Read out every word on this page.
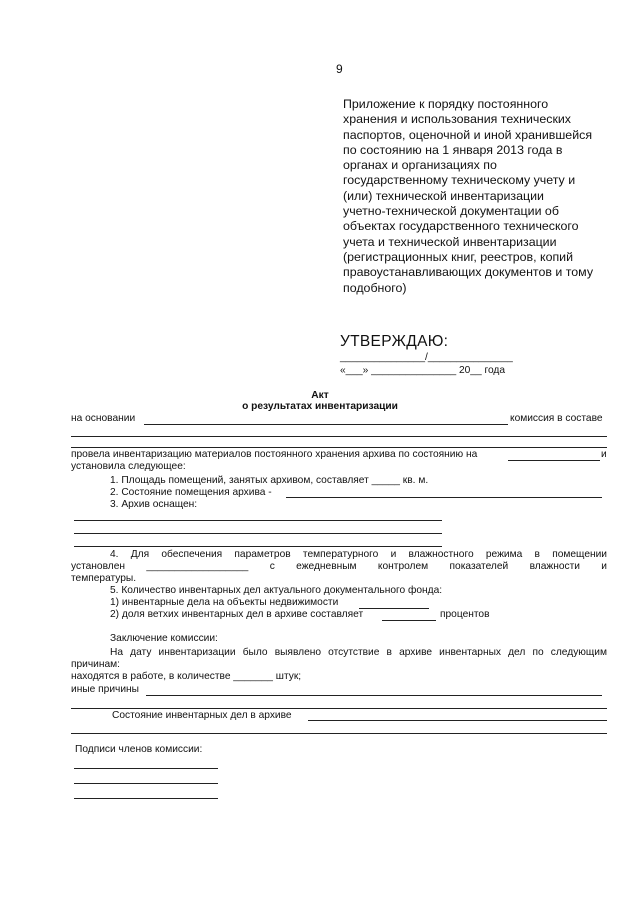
9
Приложение к порядку постоянного
хранения и использования технических
паспортов, оценочной и иной хранившейся
по состоянию на 1 января 2013 года в
органах и организациях по
государственному техническому учету и
(или) технической инвентаризации
учетно-технической документации об
объектах государственного технического
учета и технической инвентаризации
(регистрационных книг, реестров, копий
правоустанавливающих документов и тому
подобного)
УТВЕРЖДАЮ:
_______________/_______________
«___» _______________ 20__ года
Акт
о результатах инвентаризации
на основании	комиссия в составе
провела инвентаризацию материалов постоянного хранения архива по состоянию на	и
установила следующее:
1. Площадь помещений, занятых архивом, составляет _____ кв. м.
2. Состояние помещения архива -
3. Архив оснащен:
4. Для обеспечения параметров температурного и влажностного режима в помещении
установлен __________________ с ежедневным контролем показателей влажности и
температуры.
5. Количество инвентарных дел актуального документального фонда:
1) инвентарные дела на объекты недвижимости
2) доля ветхих инвентарных дел в архиве составляет	процентов
Заключение комиссии:
На дату инвентаризации было выявлено отсутствие в архиве инвентарных дел по следующим
причинам:
находятся в работе, в количестве _______ штук;
иные причины
Состояние инвентарных дел в архиве
Подписи членов комиссии:
